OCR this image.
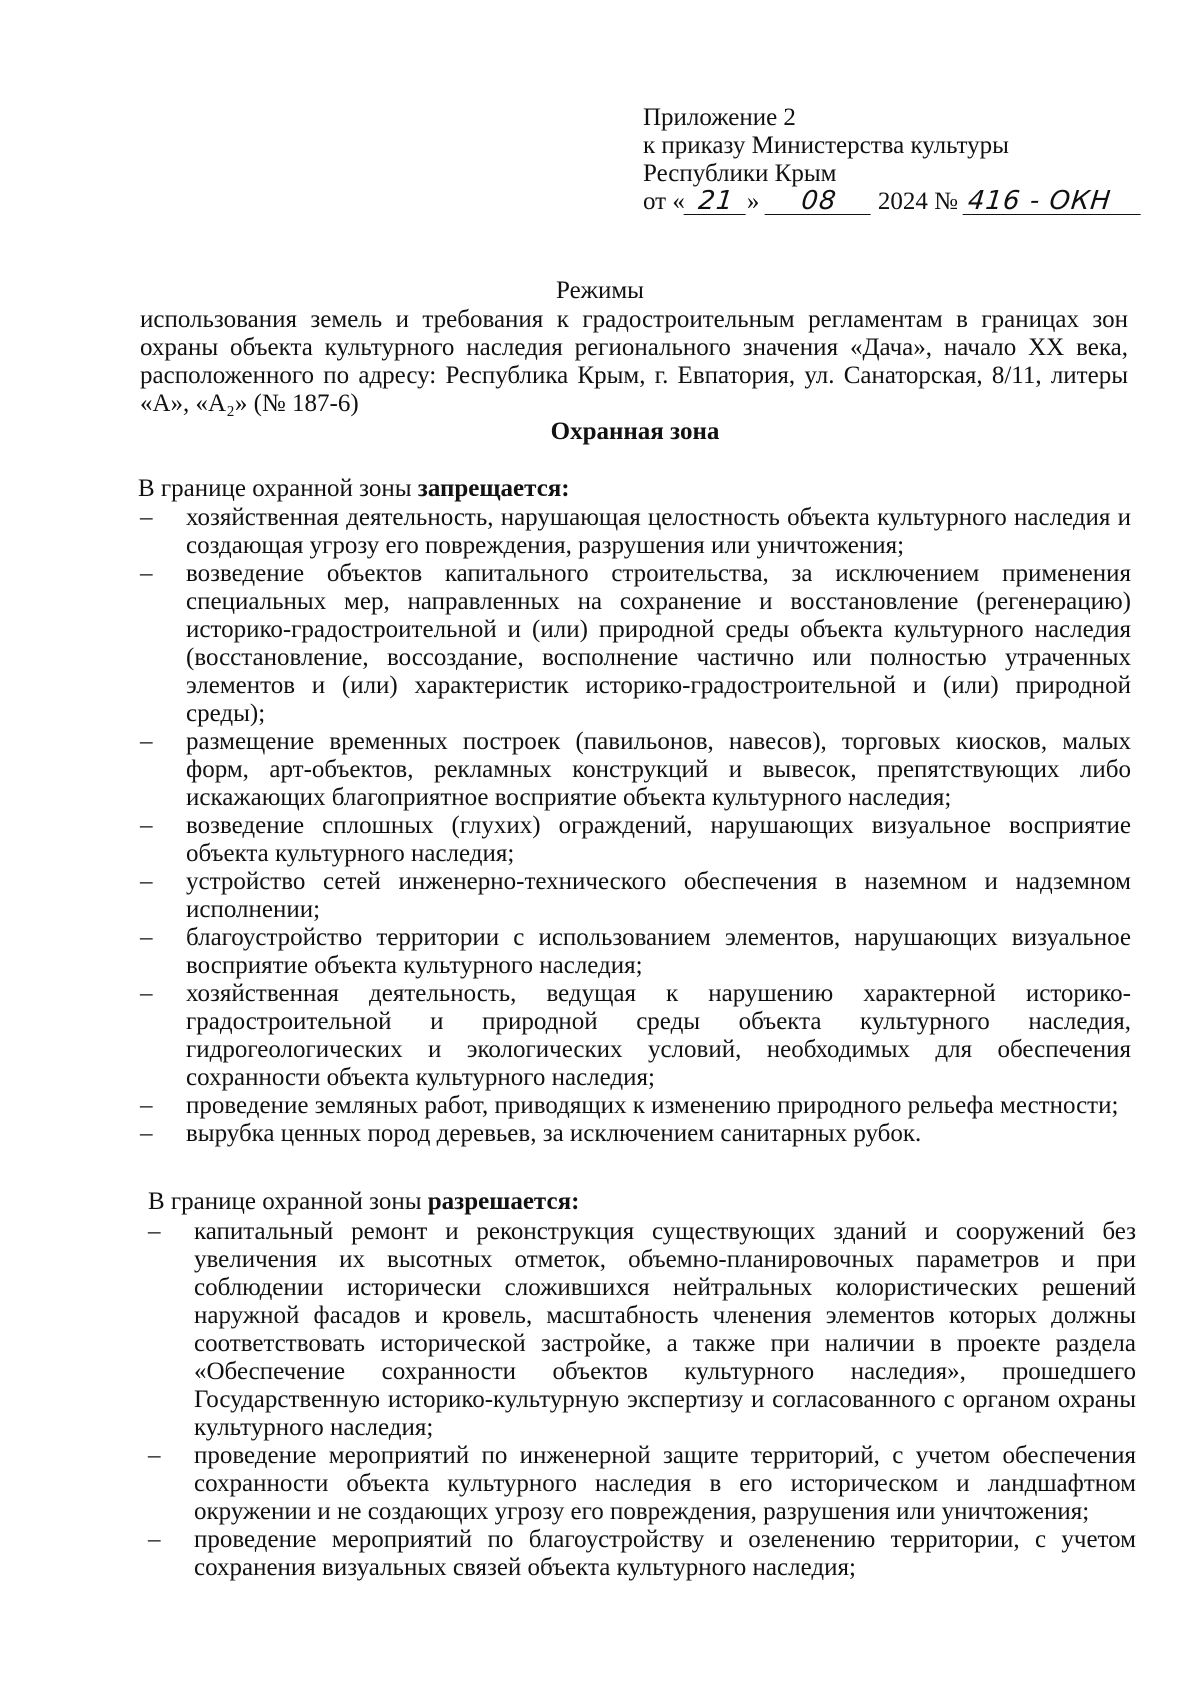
Приложение 2
к приказу Министерства культуры
Республики Крым
от « 21 » 08 2024 № 416 - ОКН
Режимы
использования земель и требования к градостроительным регламентам в границах зон охраны объекта культурного наследия регионального значения «Дача», начало XX века, расположенного по адресу: Республика Крым, г. Евпатория, ул. Санаторская, 8/11, литеры «А», «А₂» (№ 187-6)
Охранная зона
В границе охранной зоны запрещается:
– хозяйственная деятельность, нарушающая целостность объекта культурного наследия и создающая угрозу его повреждения, разрушения или уничтожения;
– возведение объектов капитального строительства, за исключением применения специальных мер, направленных на сохранение и восстановление (регенерацию) историко-градостроительной и (или) природной среды объекта культурного наследия (восстановление, воссоздание, восполнение частично или полностью утраченных элементов и (или) характеристик историко-градостроительной и (или) природной среды);
– размещение временных построек (павильонов, навесов), торговых киосков, малых форм, арт-объектов, рекламных конструкций и вывесок, препятствующих либо искажающих благоприятное восприятие объекта культурного наследия;
– возведение сплошных (глухих) ограждений, нарушающих визуальное восприятие объекта культурного наследия;
– устройство сетей инженерно-технического обеспечения в наземном и надземном исполнении;
– благоустройство территории с использованием элементов, нарушающих визуальное восприятие объекта культурного наследия;
– хозяйственная деятельность, ведущая к нарушению характерной историко-градостроительной и природной среды объекта культурного наследия, гидрогеологических и экологических условий, необходимых для обеспечения сохранности объекта культурного наследия;
– проведение земляных работ, приводящих к изменению природного рельефа местности;
– вырубка ценных пород деревьев, за исключением санитарных рубок.
В границе охранной зоны разрешается:
– капитальный ремонт и реконструкция существующих зданий и сооружений без увеличения их высотных отметок, объемно-планировочных параметров и при соблюдении исторически сложившихся нейтральных колористических решений наружной фасадов и кровель, масштабность членения элементов которых должны соответствовать исторической застройке, а также при наличии в проекте раздела «Обеспечение сохранности объектов культурного наследия», прошедшего Государственную историко-культурную экспертизу и согласованного с органом охраны культурного наследия;
– проведение мероприятий по инженерной защите территорий, с учетом обеспечения сохранности объекта культурного наследия в его историческом и ландшафтном окружении и не создающих угрозу его повреждения, разрушения или уничтожения;
– проведение мероприятий по благоустройству и озеленению территории, с учетом сохранения визуальных связей объекта культурного наследия;
